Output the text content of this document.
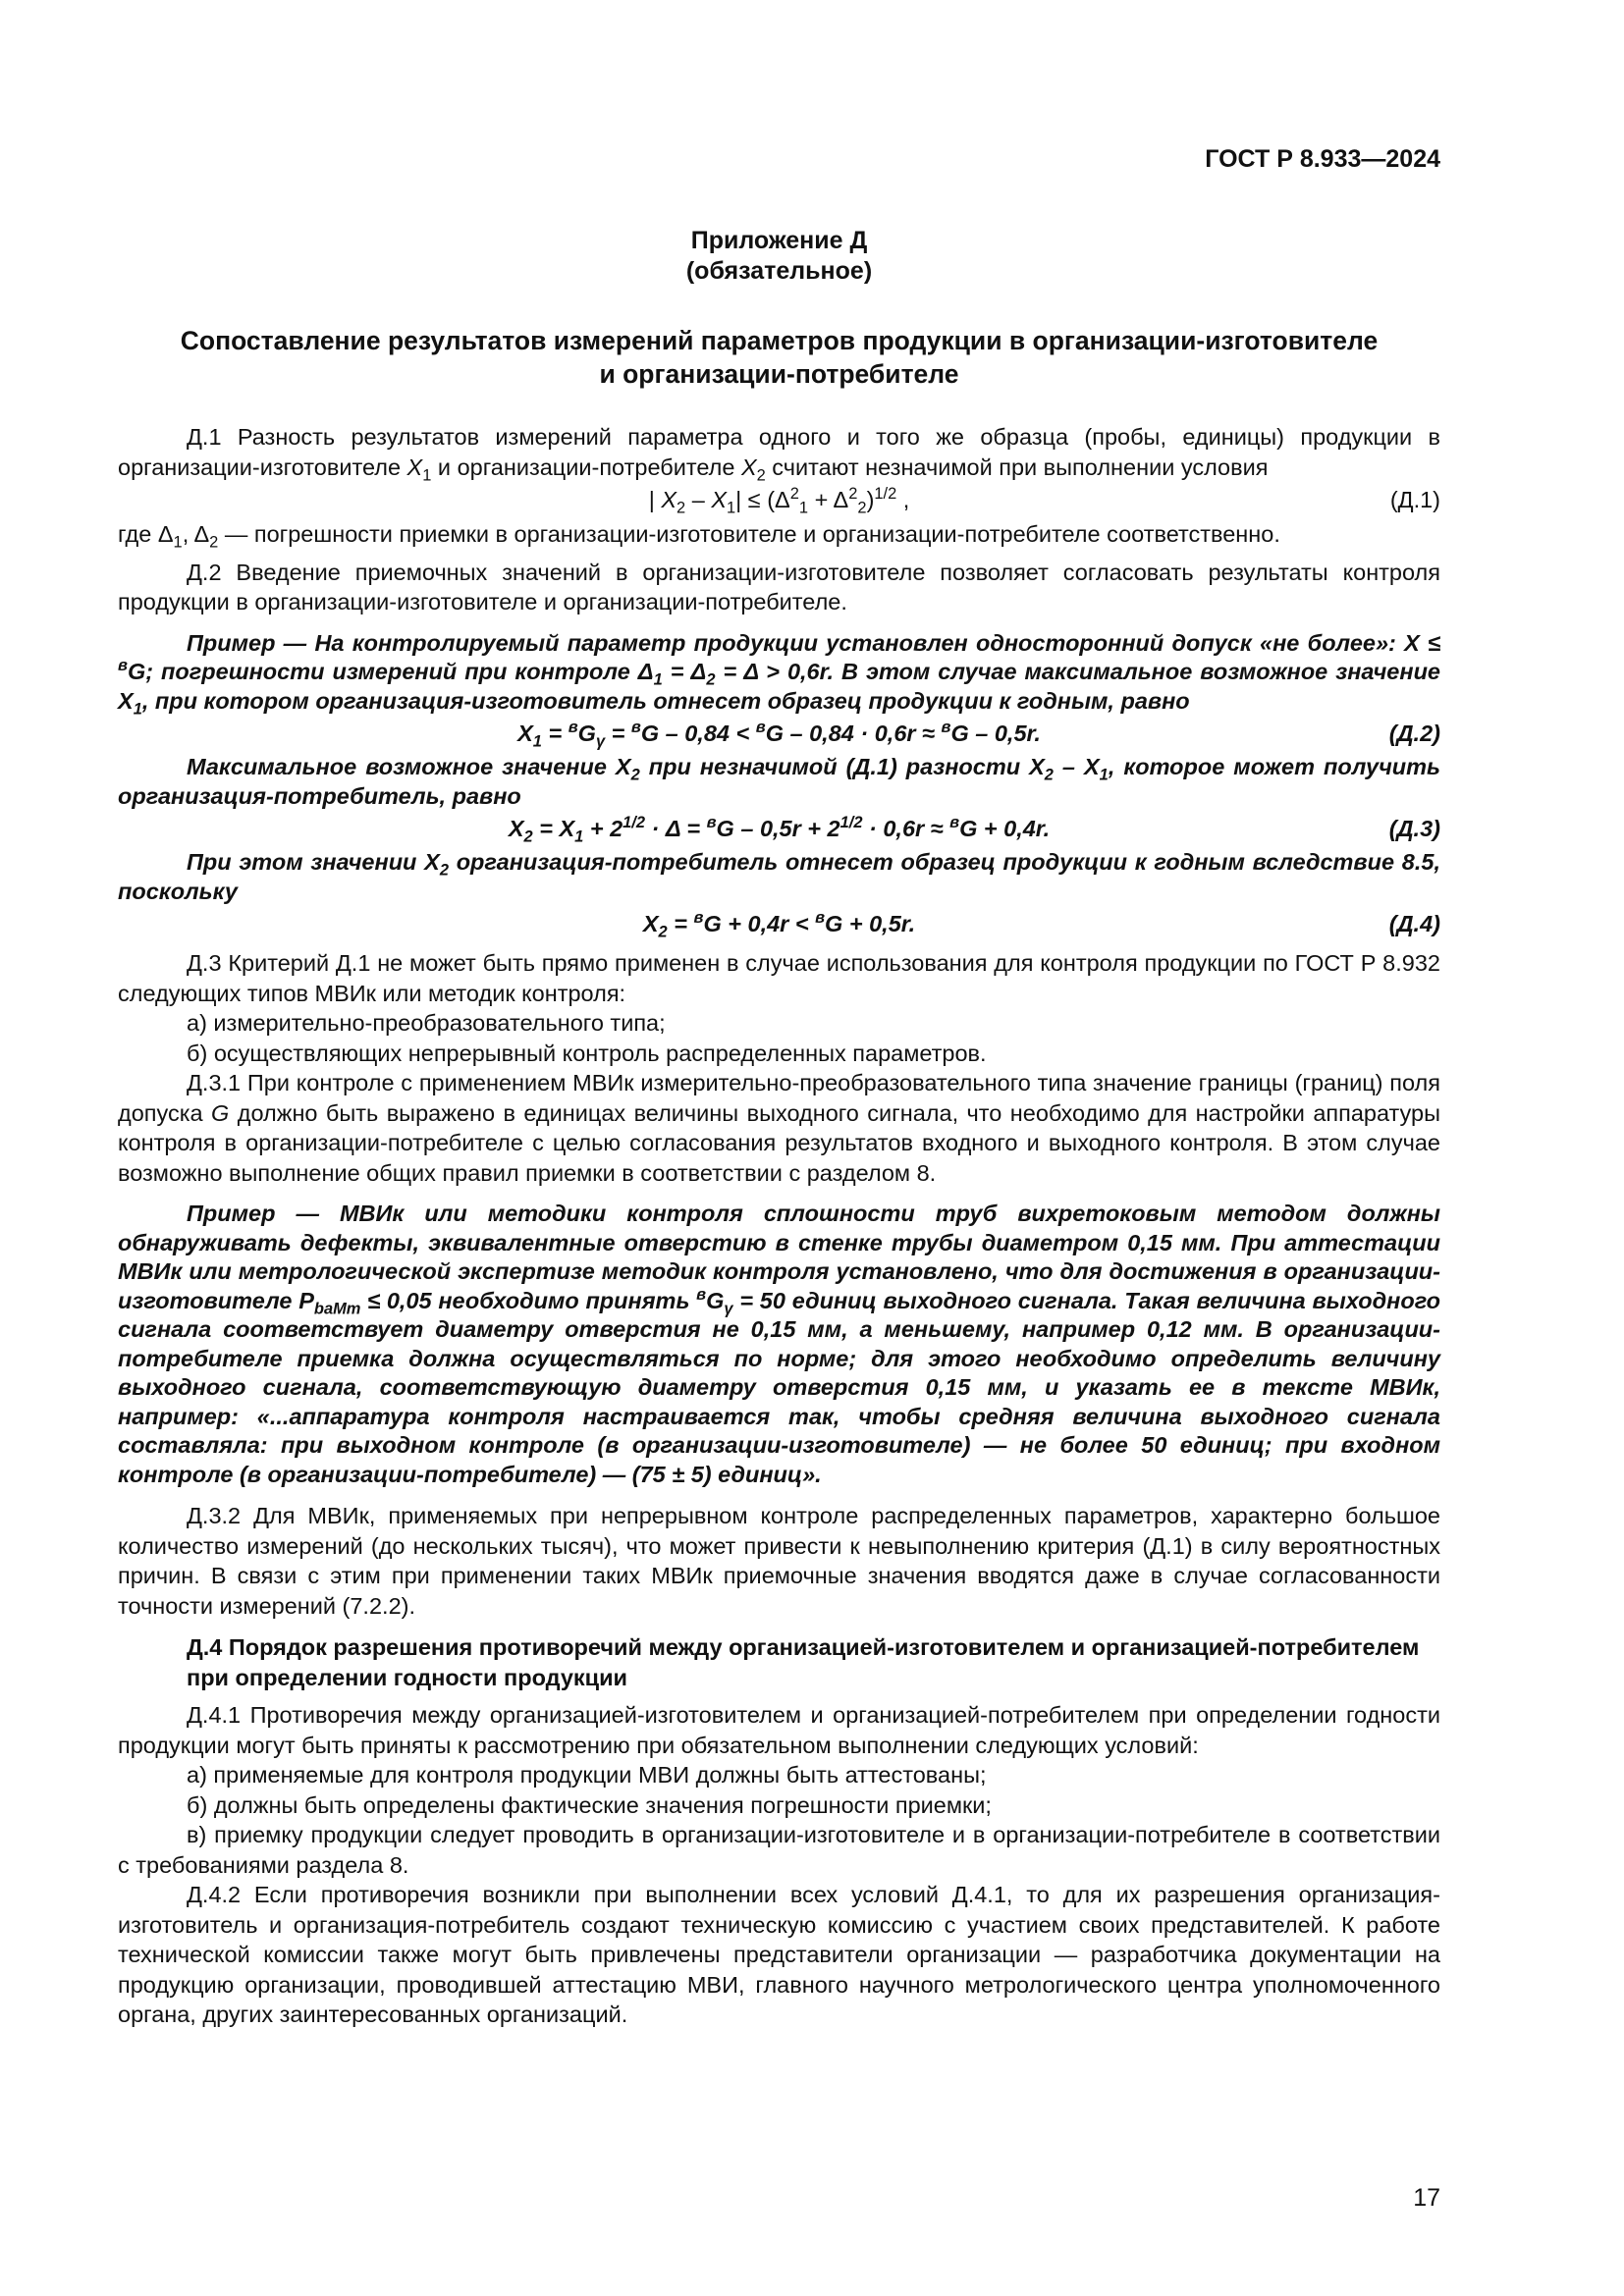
ГОСТ Р 8.933—2024
Приложение Д
(обязательное)
Сопоставление результатов измерений параметров продукции в организации-изготовителе
и организации-потребителе

Д.1 Разность результатов измерений параметра одного и того же образца (пробы, единицы) продукции в организации-изготовителе $X_1$ и организации-потребителе $X_2$ считают незначимой при выполнении условия

| $X_2 - X_1| \le (\Delta^2_1 + \Delta^2_2)^{1/2}$ ,	(Д.1)

где $\Delta_1$, $\Delta_2$ — погрешности приемки в организации-изготовителе и организации-потребителе соответственно.

Д.2 Введение приемочных значений в организации-изготовителе позволяет согласовать результаты контроля продукции в организации-изготовителе и организации-потребителе.

Пример — На контролируемый параметр продукции установлен односторонний допуск «не более»: X ≤ $^в$G; погрешности измерений при контроле $\Delta_1 = \Delta_2 = \Delta > 0,6r$. В этом случае максимальное возможное значение $X_1$, при котором организация-изготовитель отнесет образец продукции к годным, равно

$X_1 = ^вG_\gamma = ^вG - 0,84 < ^вG - 0,84 \cdot 0,6r \approx ^вG - 0,5r$.	(Д.2)

Максимальное возможное значение $X_2$ при незначимой (Д.1) разности $X_2 - X_1$, которое может получить организация-потребитель, равно

$X_2 = X_1 + 2^{1/2} \cdot \Delta = ^вG - 0,5r + 2^{1/2} \cdot 0,6r \approx ^вG + 0,4r$.	(Д.3)

При этом значении $X_2$ организация-потребитель отнесет образец продукции к годным вследствие 8.5, поскольку

$X_2 = ^вG + 0,4r < ^вG + 0,5r$.	(Д.4)

Д.3 Критерий Д.1 не может быть прямо применен в случае использования для контроля продукции по ГОСТ Р 8.932 следующих типов МВИк или методик контроля:

а) измерительно-преобразовательного типа;

б) осуществляющих непрерывный контроль распределенных параметров.

Д.3.1 При контроле с применением МВИк измерительно-преобразовательного типа значение границы (границ) поля допуска G должно быть выражено в единицах величины выходного сигнала, что необходимо для настройки аппаратуры контроля в организации-потребителе с целью согласования результатов входного и выходного контроля. В этом случае возможно выполнение общих правил приемки в соответствии с разделом 8.

Пример — МВИк или методики контроля сплошности труб вихретоковым методом должны обнаруживать дефекты, эквивалентные отверстию в стенке трубы диаметром 0,15 мм. При аттестации МВИк или метрологической экспертизе методик контроля установлено, что для достижения в организации-изготовителе $P_{baMm} \le 0,05$ необходимо принять $^вG_\gamma = 50$ единиц выходного сигнала. Такая величина выходного сигнала соответствует диаметру отверстия не 0,15 мм, а меньшему, например 0,12 мм. В организации-потребителе приемка должна осуществляться по норме; для этого необходимо определить величину выходного сигнала, соответствующую диаметру отверстия 0,15 мм, и указать ее в тексте МВИк, например: «...аппаратура контроля настраивается так, чтобы средняя величина выходного сигнала составляла: при выходном контроле (в организации-изготовителе) — не более 50 единиц; при входном контроле (в организации-потребителе) — (75 ± 5) единиц».

Д.3.2 Для МВИк, применяемых при непрерывном контроле распределенных параметров, характерно большое количество измерений (до нескольких тысяч), что может привести к невыполнению критерия (Д.1) в силу вероятностных причин. В связи с этим при применении таких МВИк приемочные значения вводятся даже в случае согласованности точности измерений (7.2.2).

Д.4 Порядок разрешения противоречий между организацией-изготовителем и организацией-потребителем при определении годности продукции

Д.4.1 Противоречия между организацией-изготовителем и организацией-потребителем при определении годности продукции могут быть приняты к рассмотрению при обязательном выполнении следующих условий:

а) применяемые для контроля продукции МВИ должны быть аттестованы;

б) должны быть определены фактические значения погрешности приемки;

в) приемку продукции следует проводить в организации-изготовителе и в организации-потребителе в соответствии с требованиями раздела 8.

Д.4.2 Если противоречия возникли при выполнении всех условий Д.4.1, то для их разрешения организация-изготовитель и организация-потребитель создают техническую комиссию с участием своих представителей. К работе технической комиссии также могут быть привлечены представители организации — разработчика документации на продукцию организации, проводившей аттестацию МВИ, главного научного метрологического центра уполномоченного органа, других заинтересованных организаций.

17
